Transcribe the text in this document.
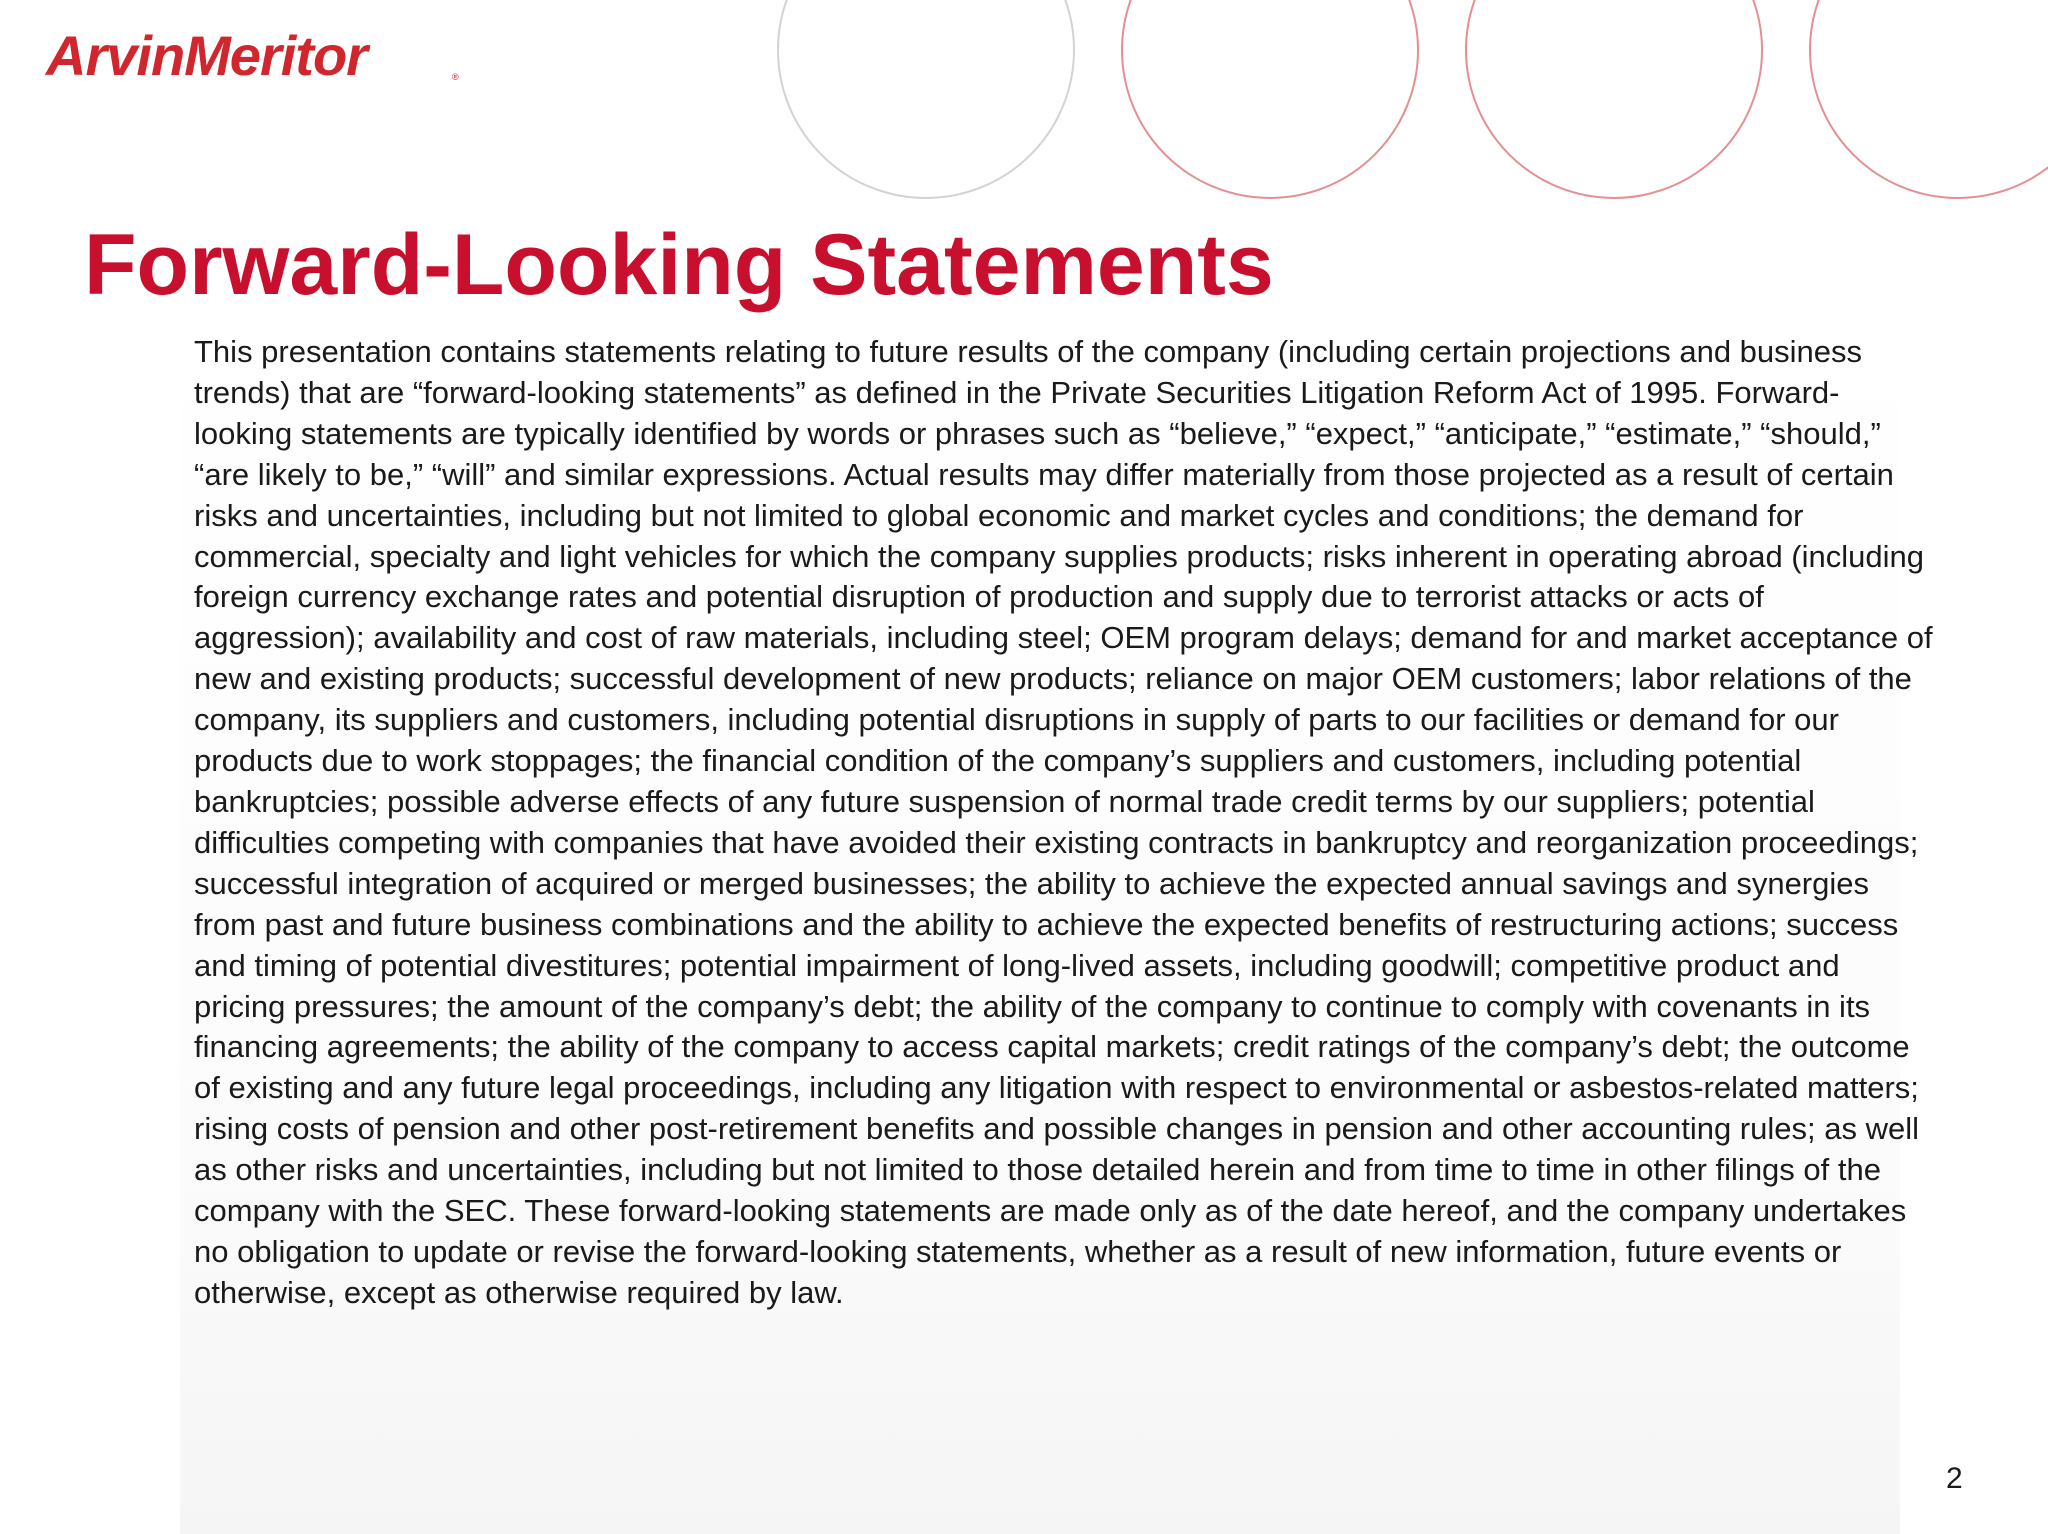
ArvinMeritor	®
Forward-Looking Statements

This presentation contains statements relating to future results of the company (including certain projections and business trends) that are “forward-looking statements” as defined in the Private Securities Litigation Reform Act of 1995. Forward-looking statements are typically identified by words or phrases such as “believe,” “expect,” “anticipate,” “estimate,” “should,” “are likely to be,” “will” and similar expressions. Actual results may differ materially from those projected as a result of certain risks and uncertainties, including but not limited to global economic and market cycles and conditions; the demand for commercial, specialty and light vehicles for which the company supplies products; risks inherent in operating abroad (including foreign currency exchange rates and potential disruption of production and supply due to terrorist attacks or acts of aggression); availability and cost of raw materials, including steel; OEM program delays; demand for and market acceptance of new and existing products; successful development of new products; reliance on major OEM customers; labor relations of the company, its suppliers and customers, including potential disruptions in supply of parts to our facilities or demand for our products due to work stoppages; the financial condition of the company’s suppliers and customers, including potential bankruptcies; possible adverse effects of any future suspension of normal trade credit terms by our suppliers; potential difficulties competing with companies that have avoided their existing contracts in bankruptcy and reorganization proceedings; successful integration of acquired or merged businesses; the ability to achieve the expected annual savings and synergies from past and future business combinations and the ability to achieve the expected benefits of restructuring actions; success and timing of potential divestitures; potential impairment of long-lived assets, including goodwill; competitive product and pricing pressures; the amount of the company’s debt; the ability of the company to continue to comply with covenants in its financing agreements; the ability of the company to access capital markets; credit ratings of the company’s debt; the outcome of existing and any future legal proceedings, including any litigation with respect to environmental or asbestos-related matters; rising costs of pension and other post-retirement benefits and possible changes in pension and other accounting rules; as well as other risks and uncertainties, including but not limited to those detailed herein and from time to time in other filings of the company with the SEC. These forward-looking statements are made only as of the date hereof, and the company undertakes no obligation to update or revise the forward-looking statements, whether as a result of new information, future events or otherwise, except as otherwise required by law.

2
